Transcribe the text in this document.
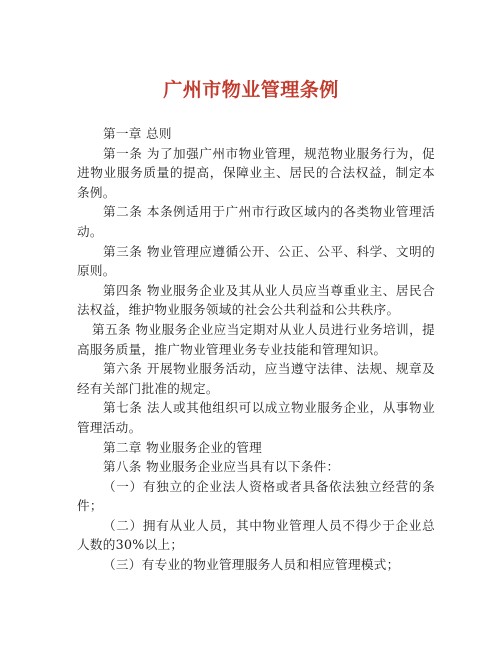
广州市物业管理条例

第一章 总则

第一条 为了加强广州市物业管理，规范物业服务行为，促进物业服务质量的提高，保障业主、居民的合法权益，制定本条例。

第二条 本条例适用于广州市行政区域内的各类物业管理活动。

第三条 物业管理应遵循公开、公正、公平、科学、文明的原则。

第四条 物业服务企业及其从业人员应当尊重业主、居民合法权益，维护物业服务领域的社会公共利益和公共秩序。

第五条 物业服务企业应当定期对从业人员进行业务培训，提高服务质量，推广物业管理业务专业技能和管理知识。

第六条 开展物业服务活动，应当遵守法律、法规、规章及经有关部门批准的规定。

第七条 法人或其他组织可以成立物业服务企业，从事物业管理活动。

第二章 物业服务企业的管理

第八条 物业服务企业应当具有以下条件：

（一）有独立的企业法人资格或者具备依法独立经营的条件；

（二）拥有从业人员，其中物业管理人员不得少于企业总人数的30%以上；

（三）有专业的物业管理服务人员和相应管理模式；
